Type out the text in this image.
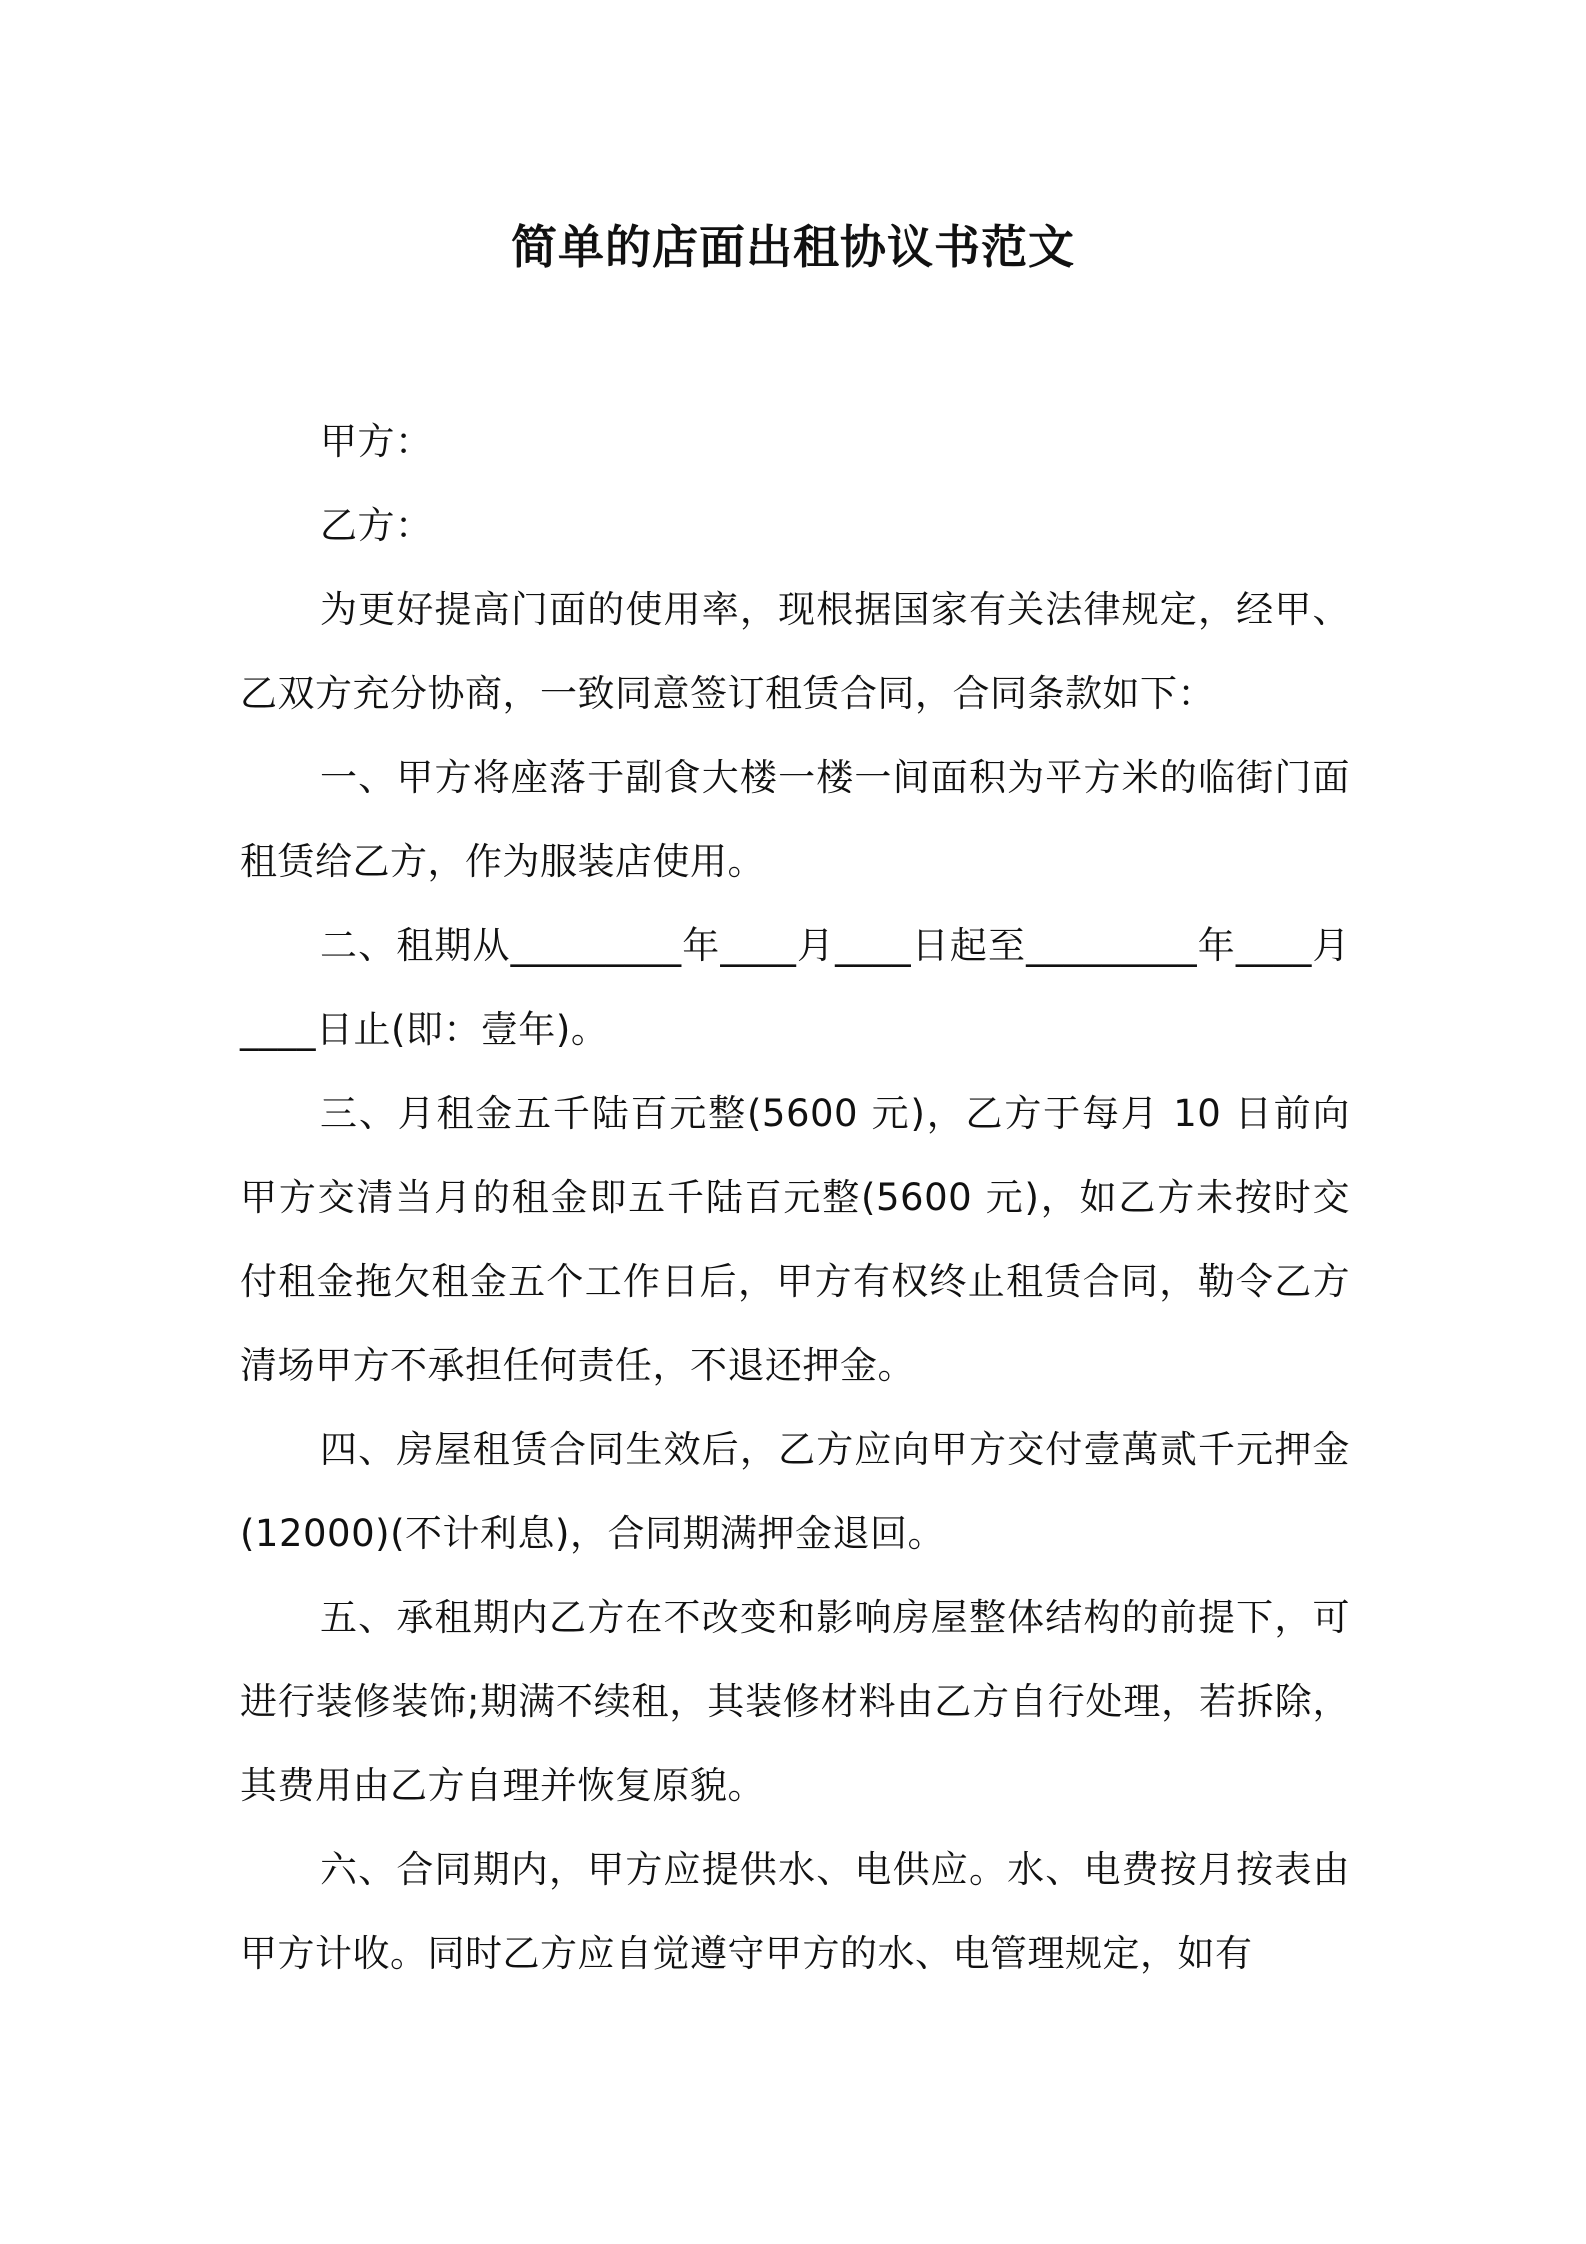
简单的店面出租协议书范文

甲方：

乙方：

为更好提高门面的使用率，现根据国家有关法律规定，经甲、乙双方充分协商，一致同意签订租赁合同，合同条款如下：

一、甲方将座落于副食大楼一楼一间面积为平方米的临街门面租赁给乙方，作为服装店使用。

二、租期从_________年____月____日起至_________年____月____日止(即：壹年)。

三、月租金五千陆百元整(5600 元)，乙方于每月 10 日前向甲方交清当月的租金即五千陆百元整(5600 元)，如乙方未按时交付租金拖欠租金五个工作日后，甲方有权终止租赁合同，勒令乙方清场甲方不承担任何责任，不退还押金。

四、房屋租赁合同生效后，乙方应向甲方交付壹萬贰千元押金(12000)(不计利息)，合同期满押金退回。

五、承租期内乙方在不改变和影响房屋整体结构的前提下，可进行装修装饰;期满不续租，其装修材料由乙方自行处理，若拆除，其费用由乙方自理并恢复原貌。

六、合同期内，甲方应提供水、电供应。水、电费按月按表由甲方计收。同时乙方应自觉遵守甲方的水、电管理规定，如有
